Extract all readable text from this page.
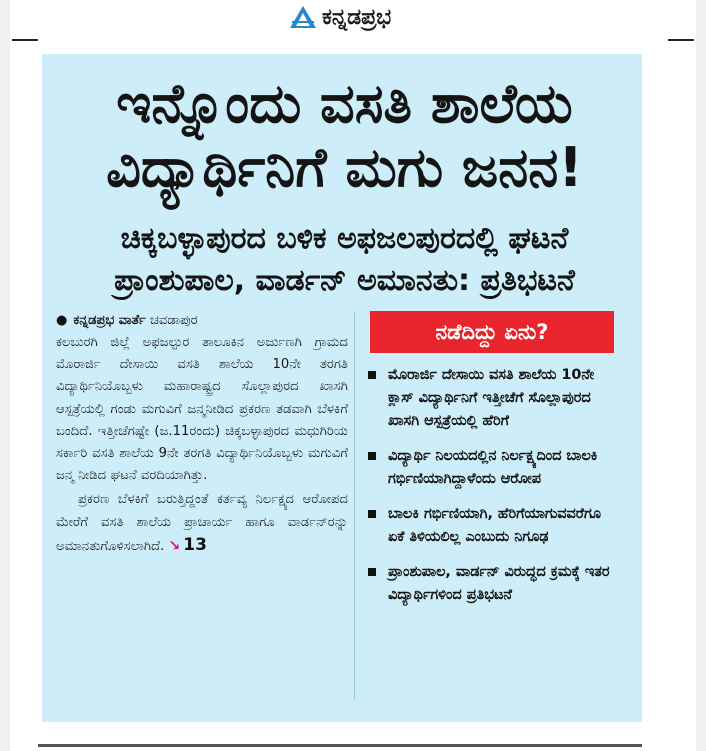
ಕನ್ನಡಪ್ರಭ
ಇನ್ನೊಂದು ವಸತಿ ಶಾಲೆಯ ವಿದ್ಯಾರ್ಥಿನಿಗೆ ಮಗು ಜನನ!
ಚಿಕ್ಕಬಳ್ಳಾಪುರದ ಬಳಿಕ ಅಫಜಲಪುರದಲ್ಲಿ ಘಟನೆ ಪ್ರಾಂಶುಪಾಲ, ವಾರ್ಡನ್‌ ಅಮಾನತು: ಪ್ರತಿಭಟನೆ
● ಕನ್ನಡಪ್ರಭ ವಾರ್ತೆ ಚವಡಾಪುರ

ಕಲಬುರಗಿ ಜಿಲ್ಲೆ ಅಫಜಲ್ಪುರ ತಾಲೂಕಿನ ಅರ್ಜುಣಗಿ ಗ್ರಾಮದ ಮೊರಾರ್ಜಿ ದೇಸಾಯಿ ವಸತಿ ಶಾಲೆಯ 10ನೇ ತರಗತಿ ವಿದ್ಯಾರ್ಥಿನಿಯೊಬ್ಬಳು ಮಹಾರಾಷ್ಟ್ರದ ಸೊಲ್ಲಾಪುರದ ಖಾಸಗಿ ಆಸ್ಪತ್ರೆಯಲ್ಲಿ ಗಂಡು ಮಗುವಿಗೆ ಜನ್ಮನೀಡಿದ ಪ್ರಕರಣ ತಡವಾಗಿ ಬೆಳಕಿಗೆ ಬಂದಿದೆ. ಇತ್ತೀಚೆಗಷ್ಟೇ (ಜ.11ರಂದು) ಚಿಕ್ಕಬಳ್ಳಾಪುರದ ಮಧುಗಿರಿಯ ಸರ್ಕಾರಿ ವಸತಿ ಶಾಲೆಯ 9ನೇ ತರಗತಿ ವಿದ್ಯಾರ್ಥಿನಿಯೊಬ್ಬಳು ಮಗುವಿಗೆ ಜನ್ಮ ನೀಡಿದ ಘಟನೆ ವರದಿಯಾಗಿತ್ತು.

ಪ್ರಕರಣ ಬೆಳಕಿಗೆ ಬರುತ್ತಿದ್ದಂತೆ ಕರ್ತವ್ಯ ನಿರ್ಲಕ್ಷ್ಯದ ಆರೋಪದ ಮೇರೆಗೆ ವಸತಿ ಶಾಲೆಯ ಪ್ರಾಚಾರ್ಯ ಹಾಗೂ ವಾರ್ಡನ್‌ರನ್ನು ಅಮಾನತುಗೊಳಿಸಲಾಗಿದೆ. ↘ 13

ನಡೆದಿದ್ದು ಏನು?
ಮೊರಾರ್ಜಿ ದೇಸಾಯಿ ವಸತಿ ಶಾಲೆಯ 10ನೇ ಕ್ಲಾಸ್‌ ವಿದ್ಯಾರ್ಥಿನಿಗೆ ಇತ್ತೀಚೆಗೆ ಸೊಲ್ಲಾಪುರದ ಖಾಸಗಿ ಆಸ್ಪತ್ರೆಯಲ್ಲಿ ಹೆರಿಗೆ
ವಿದ್ಯಾರ್ಥಿ ನಿಲಯದಲ್ಲಿನ ನಿರ್ಲಕ್ಷ್ಯದಿಂದ ಬಾಲಕಿ ಗರ್ಭಿಣಿಯಾಗಿದ್ದಾಳೆಂದು ಆರೋಪ
ಬಾಲಕಿ ಗರ್ಭಿಣಿಯಾಗಿ, ಹೆರಿಗೆಯಾಗುವವರೆಗೂ ಏಕೆ ತಿಳಿಯಲಿಲ್ಲ ಎಂಬುದು ನಿಗೂಢ
ಪ್ರಾಂಶುಪಾಲ, ವಾರ್ಡನ್‌ ವಿರುದ್ಧದ ಕ್ರಮಕ್ಕೆ ಇತರ ವಿದ್ಯಾರ್ಥಿಗಳಿಂದ ಪ್ರತಿಭಟನೆ
